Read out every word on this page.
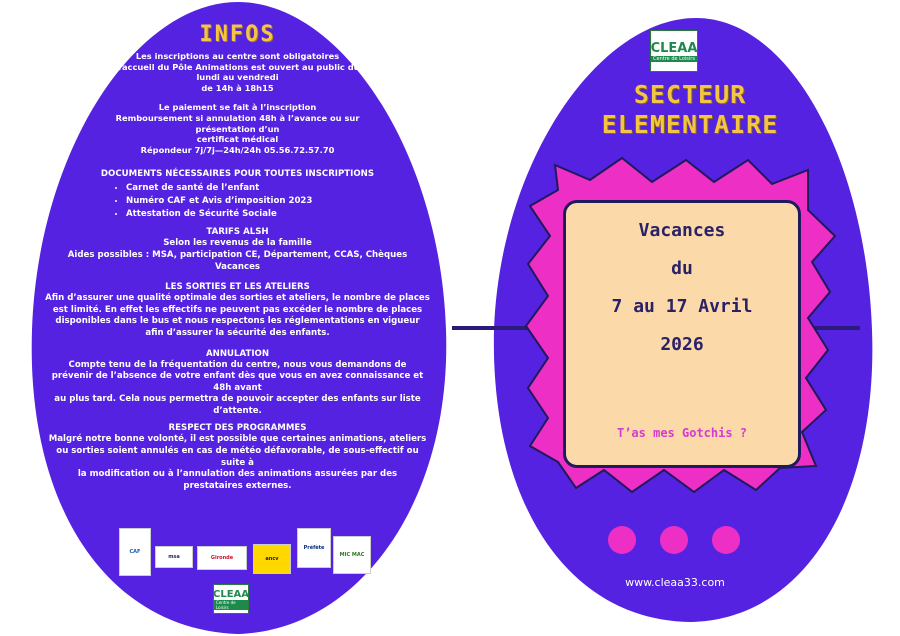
INFOS

Les inscriptions au centre sont obligatoires

L’accueil du Pôle Animations est ouvert au public du

lundi au vendredi

de 14h à 18h15

Le paiement se fait à l’inscription

Remboursement si annulation 48h à l’avance ou sur

présentation d’un

certificat médical

Répondeur 7j/7j—24h/24h 05.56.72.57.70

DOCUMENTS NÉCESSAIRES POUR TOUTES INSCRIPTIONS

• Carnet de santé de l’enfant
• Numéro CAF et Avis d’imposition 2023
• Attestation de Sécurité Sociale

TARIFS ALSH

Selon les revenus de la famille

Aides possibles : MSA, participation CE, Département, CCAS, Chèques

Vacances

LES SORTIES ET LES ATELIERS

Afin d’assurer une qualité optimale des sorties et ateliers, le nombre de places

est limité. En effet les effectifs ne peuvent pas excéder le nombre de places

disponibles dans le bus et nous respectons les réglementations en vigueur

afin d’assurer la sécurité des enfants.

ANNULATION

Compte tenu de la fréquentation du centre, nous vous demandons de

prévenir de l’absence de votre enfant dès que vous en avez connaissance et

48h avant

au plus tard. Cela nous permettra de pouvoir accepter des enfants sur liste

d’attente.

RESPECT DES PROGRAMMES

Malgré notre bonne volonté, il est possible que certaines animations, ateliers

ou sorties soient annulés en cas de météo défavorable, de sous-effectif ou

suite à

la modification ou à l’annulation des animations assurées par des

prestataires externes.

CAF
msa	Gironde	ancv
Préfète
MIC MAC
CLEAA
Centre de Loisirs
CLEAA
Centre de Loisirs
SECTEUR
ELEMENTAIRE
Vacances
du
7 au 17 Avril
2026

T’as mes Gotchis ?

www.cleaa33.com
